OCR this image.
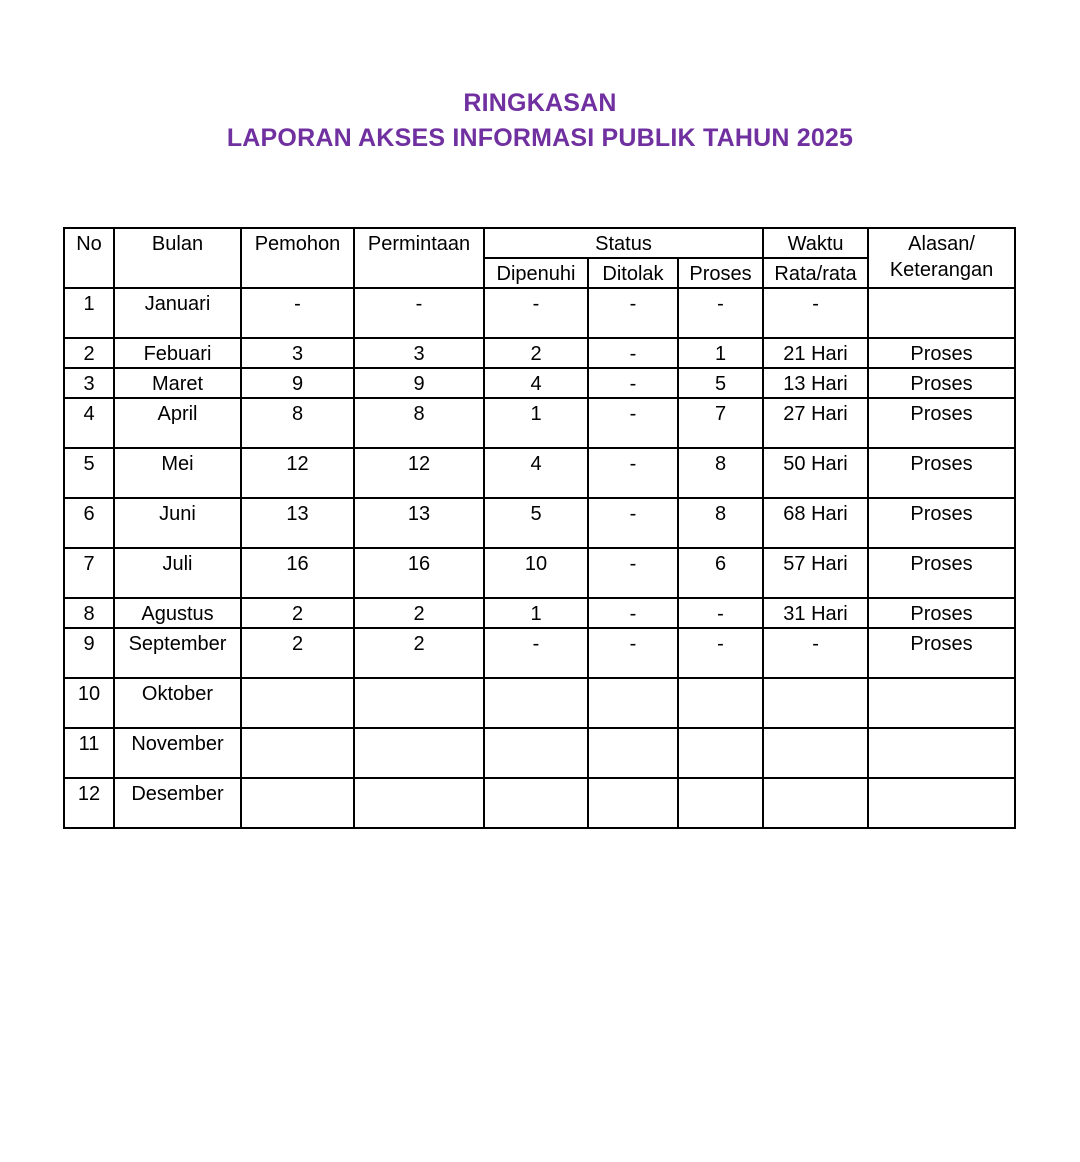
RINGKASAN
LAPORAN AKSES INFORMASI PUBLIK TAHUN 2025
No	Bulan	Pemohon	Permintaan	Status			Waktu	Alasan/
Keterangan

				Dipenuhi	Ditolak	Proses	Rata/rata	
1	Januari	-	-	-	-	-	-	
2	Febuari	3	3	2	-	1	21 Hari	Proses
3	Maret	9	9	4	-	5	13 Hari	Proses
4	April	8	8	1	-	7	27 Hari	Proses
5	Mei	12	12	4	-	8	50 Hari	Proses
6	Juni	13	13	5	-	8	68 Hari	Proses
7	Juli	16	16	10	-	6	57 Hari	Proses
8	Agustus	2	2	1	-	-	31 Hari	Proses
9	September	2	2	-	-	-	-	Proses
10	Oktober							
11	November							
12	Desember							
